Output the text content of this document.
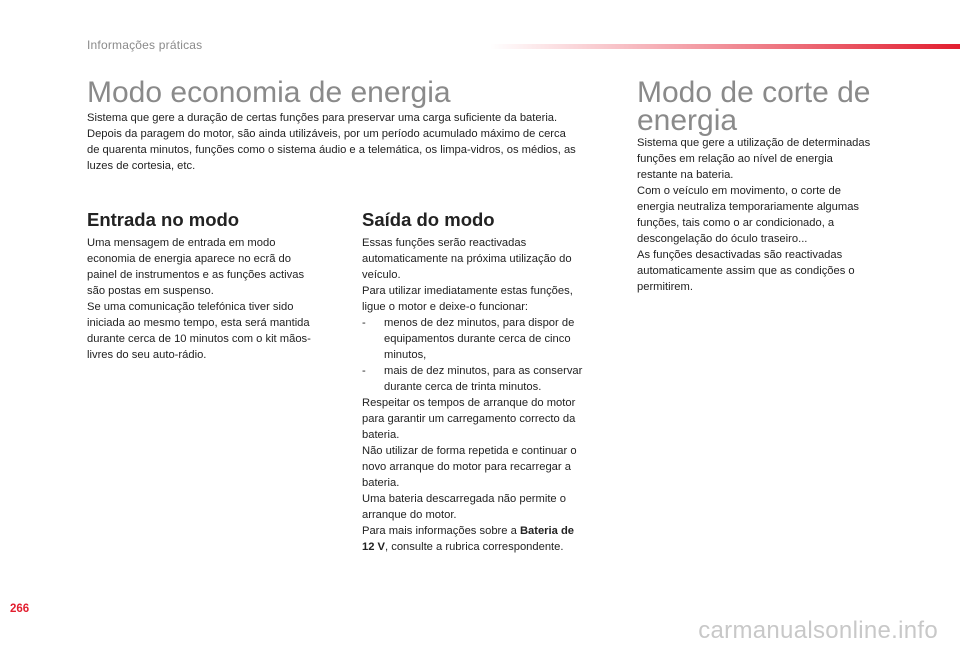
Informações práticas
Modo economia de energia
Sistema que gere a duração de certas funções para preservar uma carga suficiente da bateria.
Depois da paragem do motor, são ainda utilizáveis, por um período acumulado máximo de cerca
de quarenta minutos, funções como o sistema áudio e a telemática, os limpa-vidros, os médios, as
luzes de cortesia, etc.
Entrada no modo
Uma mensagem de entrada em modo
economia de energia aparece no ecrã do
painel de instrumentos e as funções activas
são postas em suspenso.
Se uma comunicação telefónica tiver sido
iniciada ao mesmo tempo, esta será mantida
durante cerca de 10 minutos com o kit mãos-
livres do seu auto-rádio.
Saída do modo
Essas funções serão reactivadas
automaticamente na próxima utilização do
veículo.
Para utilizar imediatamente estas funções,
ligue o motor e deixe-o funcionar:
- menos de dez minutos, para dispor de
equipamentos durante cerca de cinco
minutos,
- mais de dez minutos, para as conservar
durante cerca de trinta minutos.
Respeitar os tempos de arranque do motor
para garantir um carregamento correcto da
bateria.
Não utilizar de forma repetida e continuar o
novo arranque do motor para recarregar a
bateria.
Uma bateria descarregada não permite o
arranque do motor.
Para mais informações sobre a Bateria de
12 V, consulte a rubrica correspondente.
Modo de corte de
energia
Sistema que gere a utilização de determinadas
funções em relação ao nível de energia
restante na bateria.
Com o veículo em movimento, o corte de
energia neutraliza temporariamente algumas
funções, tais como o ar condicionado, a
descongelação do óculo traseiro...
As funções desactivadas são reactivadas
automaticamente assim que as condições o
permitirem.
266
carmanualsonline.info
